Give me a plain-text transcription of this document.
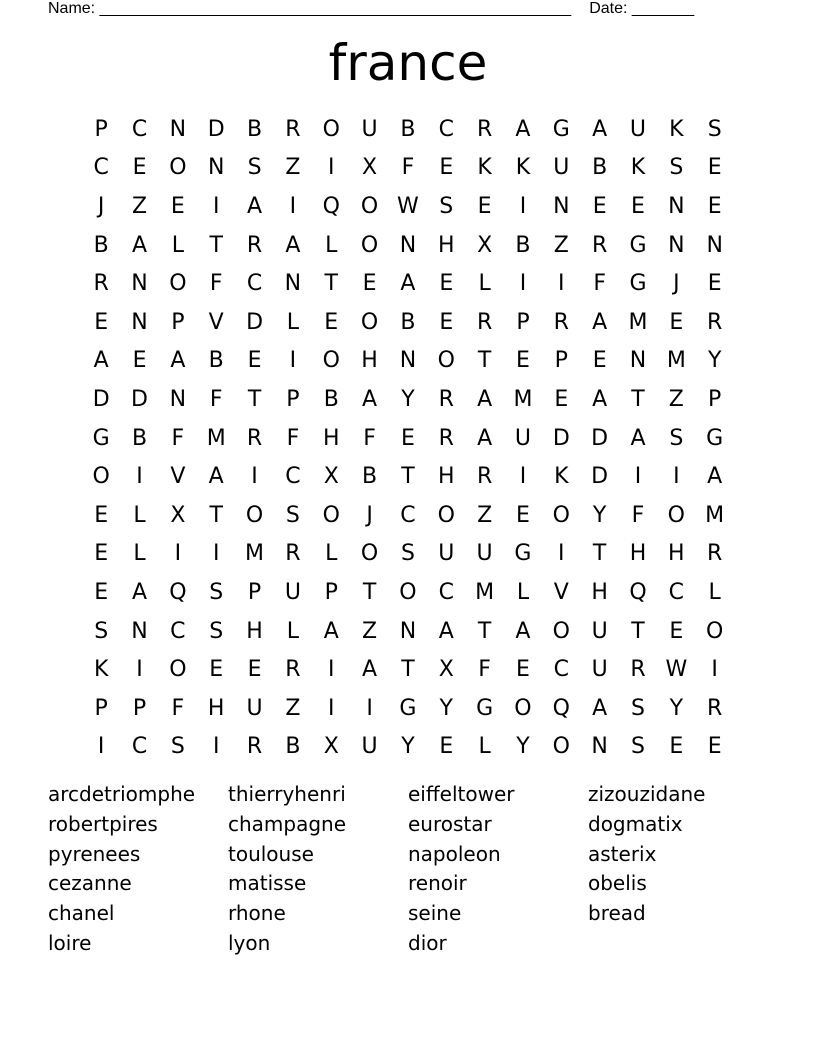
Name: _____________________________________________________ Date: _______
france
P	C	N D	B	R	O U	B	C	R	A	G	A	U	K	S
C	E	O N	S	Z	I	X	F	E	K	K	U	B	K	S	E
J	Z	E	I	A	I	Q O W S	E	I	N	E	E	N	E
B	A	L	T	R	A	L	O N H	X	B	Z	R	G N N
R	N O	F	C	N	T	E	A	E	L	I	I	F	G	J	E
E	N	P	V	D	L	E	O	B	E	R	P	R	A M E	R
A	E	A	B	E	I	O H N O	T	E	P	E	N M	Y
D D N	F	T	P	B	A	Y	R	A M E	A	T	Z	P
G	B	F	M R	F	H	F	E	R	A	U D D	A	S	G
O	I	V	A	I	C	X	B	T	H	R	I	K	D	I	I	A
E	L	X	T	O	S	O	J	C O	Z	E	O	Y	F	O M
E	L	I	I	M R	L	O	S	U	U G	I	T	H H	R
E	A	Q	S	P	U	P	T	O	C M	L	V	H Q	C	L
S	N	C	S	H	L	A	Z	N	A	T	A	O U	T	E	O
K	I	O	E	E	R	I	A	T	X	F	E	C	U	R W	I
P	P	F	H	U	Z	I	I	G	Y	G O Q	A	S	Y	R
I	C	S	I	R	B	X	U	Y	E	L	Y	O N	S	E	E
arcdetriomphe	thierryhenri	eiffeltower	zizouzidane
robertpires	champagne	eurostar	dogmatix
pyrenees	toulouse	napoleon	asterix
cezanne	matisse	renoir	obelis
chanel	rhone	seine	bread
loire	lyon	dior
